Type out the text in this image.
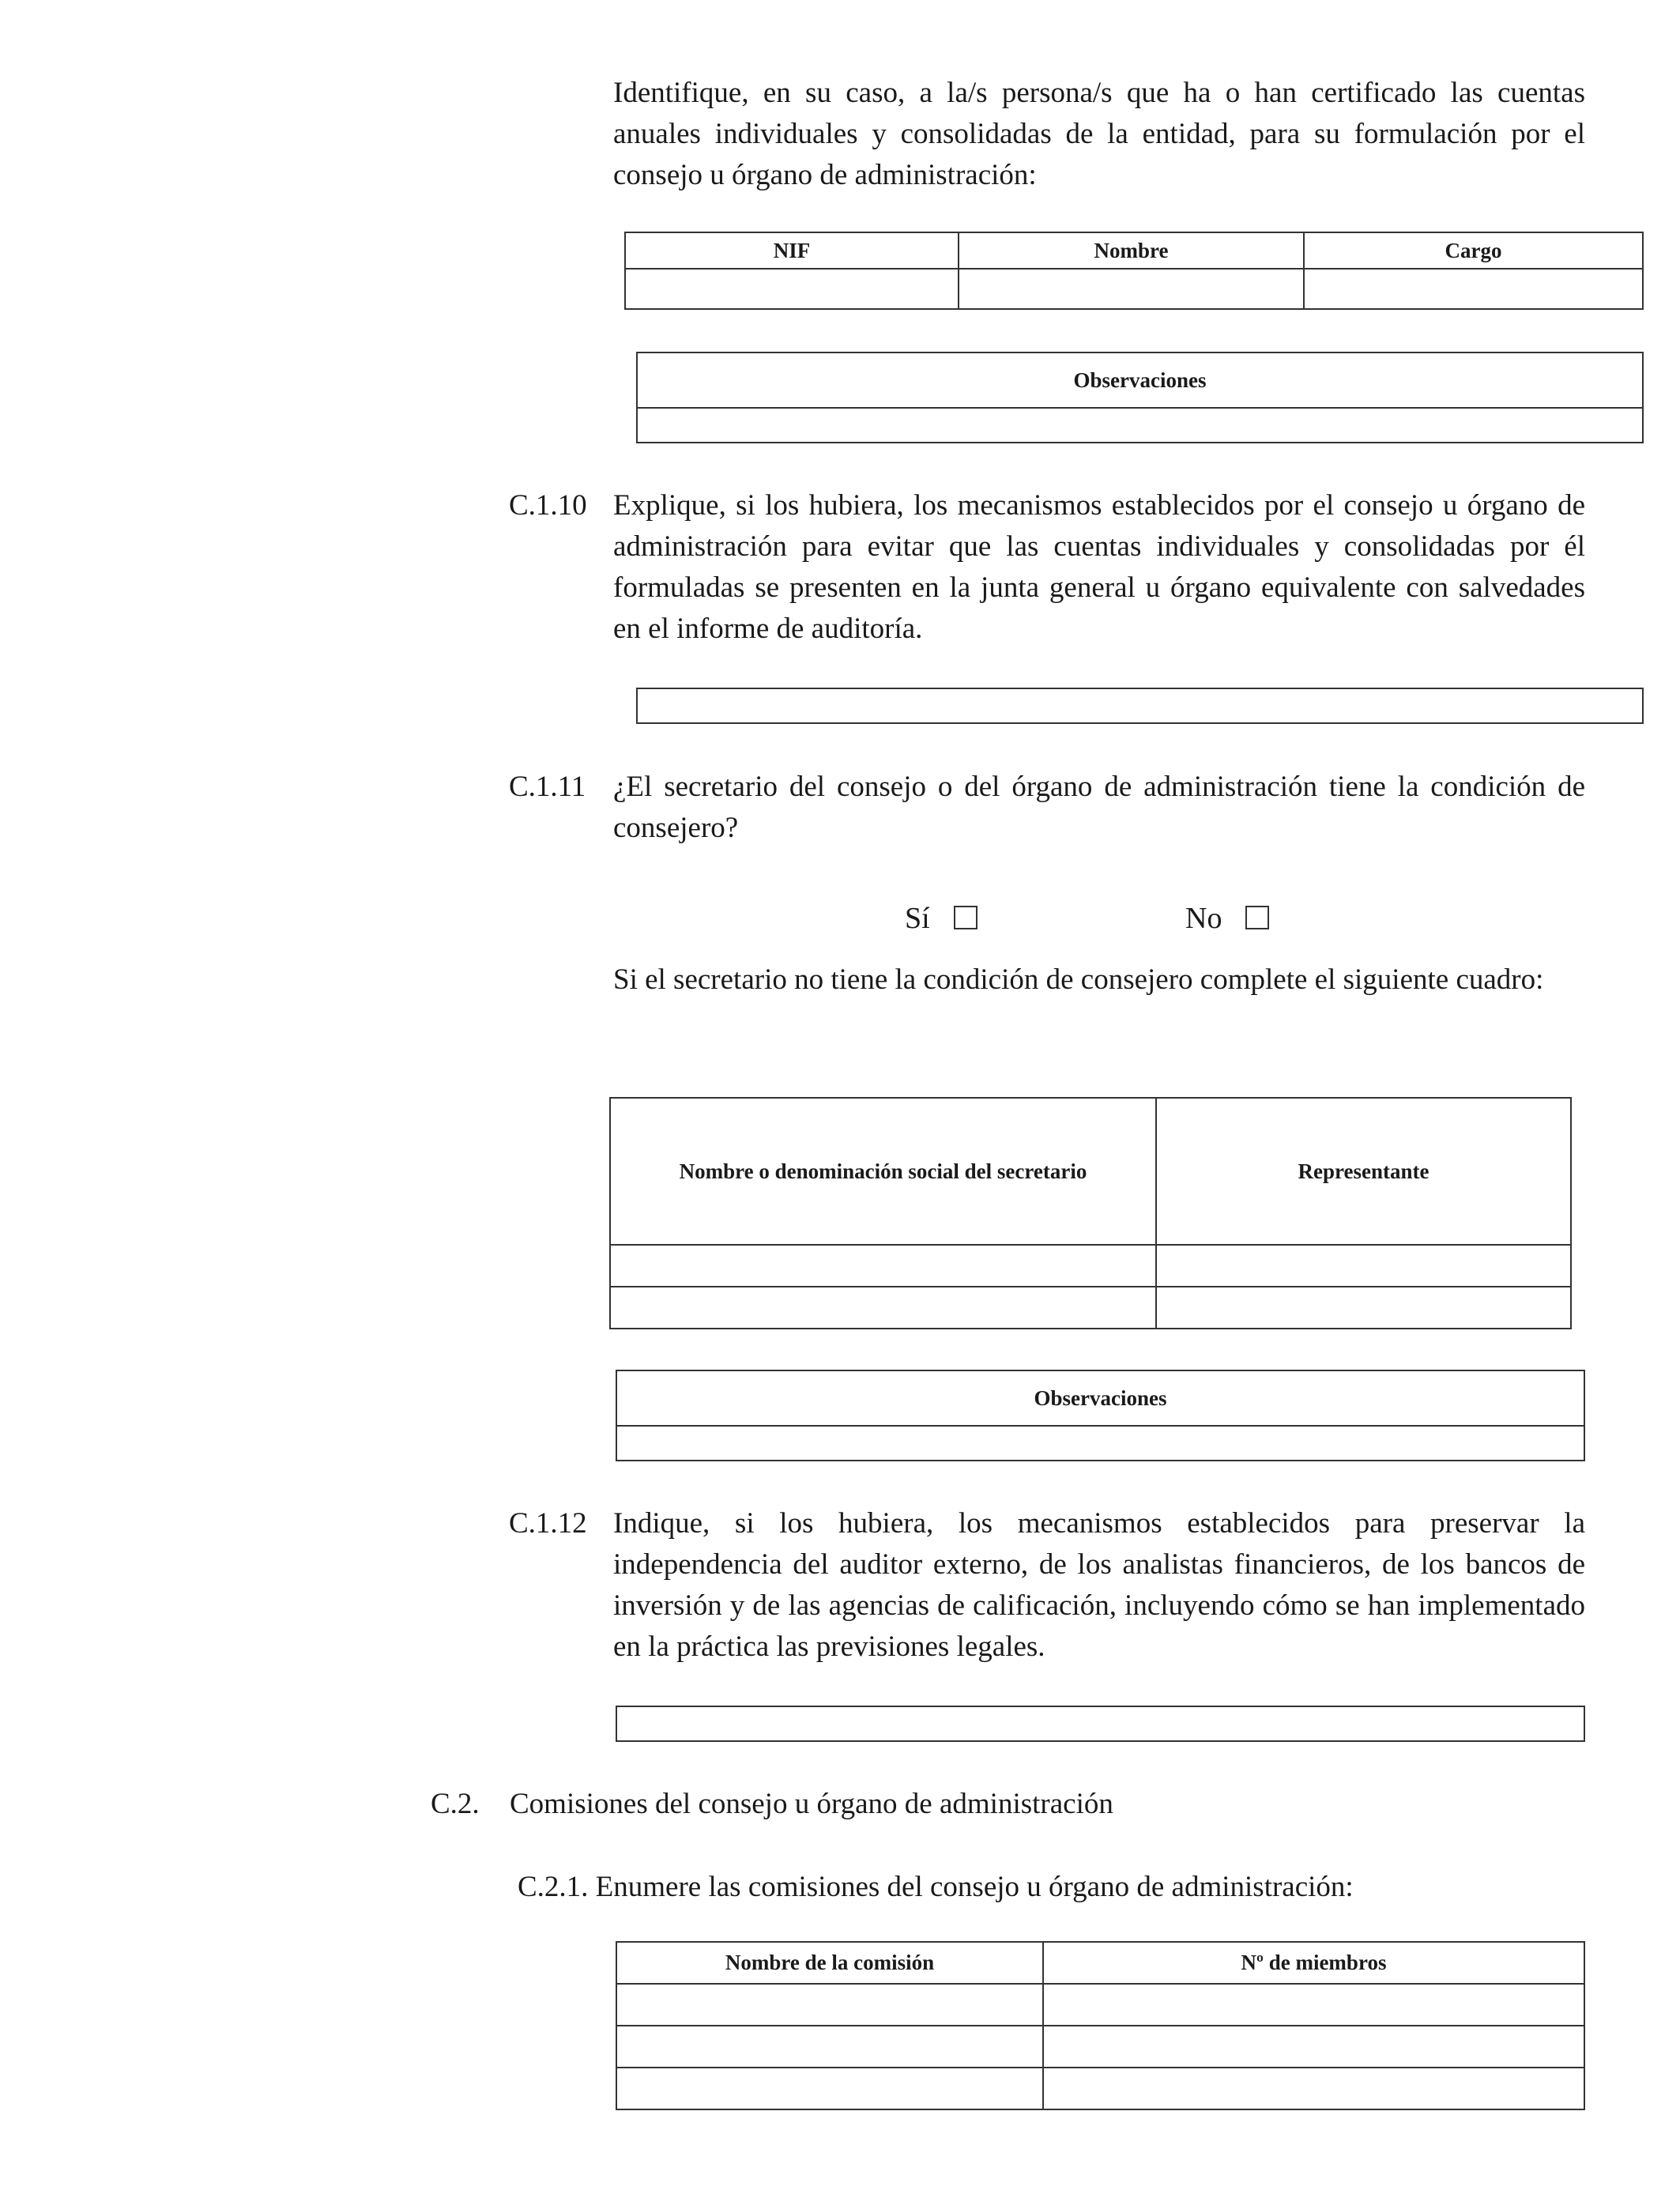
Identifique, en su caso, a la/s persona/s que ha o han certificado las cuentas anuales individuales y consolidadas de la entidad, para su formulación por el consejo u órgano de administración:
NIF	Nombre	Cargo

Observaciones

C.1.10 Explique, si los hubiera, los mecanismos establecidos por el consejo u órgano de administración para evitar que las cuentas individuales y consolidadas por él formuladas se presenten en la junta general u órgano equivalente con salvedades en el informe de auditoría.
C.1.11 ¿El secretario del consejo o del órgano de administración tiene la condición de consejero?
Sí	No
Si el secretario no tiene la condición de consejero complete el siguiente cuadro:
Nombre o denominación social del secretario	Representante

Observaciones

C.1.12 Indique, si los hubiera, los mecanismos establecidos para preservar la independencia del auditor externo, de los analistas financieros, de los bancos de inversión y de las agencias de calificación, incluyendo cómo se han implementado en la práctica las previsiones legales.
C.2. Comisiones del consejo u órgano de administración
C.2.1. Enumere las comisiones del consejo u órgano de administración:
Nombre de la comisión	Nº de miembros
